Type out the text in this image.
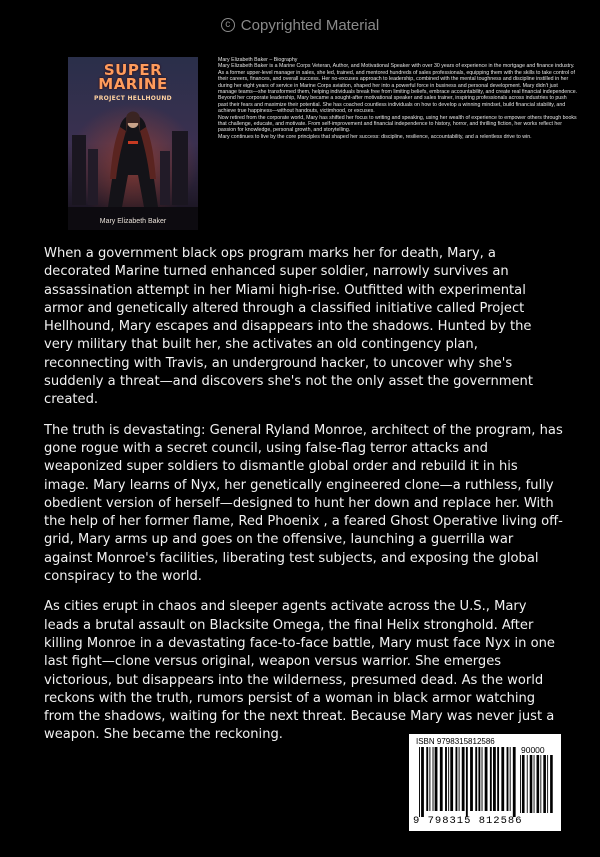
c Copyrighted Material
SUPER
MARINE
PROJECT HELLHOUND
Mary Elizabeth Baker

Mary Elizabeth Baker – Biography

Mary Elizabeth Baker is a Marine Corps Veteran, Author, and Motivational Speaker with over 30 years of experience in the mortgage and finance industry. As a former upper-level manager in sales, she led, trained, and mentored hundreds of sales professionals, equipping them with the skills to take control of their careers, finances, and overall success. Her no-excuses approach to leadership, combined with the mental toughness and discipline instilled in her during her eight years of service in Marine Corps aviation, shaped her into a powerful force in business and personal development. Mary didn't just manage teams—she transformed them, helping individuals break free from limiting beliefs, embrace accountability, and create real financial independence.

Beyond her corporate leadership, Mary became a sought-after motivational speaker and sales trainer, inspiring professionals across industries to push past their fears and maximize their potential. She has coached countless individuals on how to develop a winning mindset, build financial stability, and achieve true happiness—without handouts, victimhood, or excuses.

Now retired from the corporate world, Mary has shifted her focus to writing and speaking, using her wealth of experience to empower others through books that challenge, educate, and motivate. From self-improvement and financial independence to history, horror, and thrilling fiction, her works reflect her passion for knowledge, personal growth, and storytelling.

Mary continues to live by the core principles that shaped her success: discipline, resilience, accountability, and a relentless drive to win.

When a government black ops program marks her for death, Mary, a decorated Marine turned enhanced super soldier, narrowly survives an assassination attempt in her Miami high-rise. Outfitted with experimental armor and genetically altered through a classified initiative called Project Hellhound, Mary escapes and disappears into the shadows. Hunted by the very military that built her, she activates an old contingency plan, reconnecting with Travis, an underground hacker, to uncover why she's suddenly a threat—and discovers she's not the only asset the government created.

The truth is devastating: General Ryland Monroe, architect of the program, has gone rogue with a secret council, using false-flag terror attacks and weaponized super soldiers to dismantle global order and rebuild it in his image. Mary learns of Nyx, her genetically engineered clone—a ruthless, fully obedient version of herself—designed to hunt her down and replace her. With the help of her former flame, Red Phoenix , a feared Ghost Operative living off-grid, Mary arms up and goes on the offensive, launching a guerrilla war against Monroe's facilities, liberating test subjects, and exposing the global conspiracy to the world.

As cities erupt in chaos and sleeper agents activate across the U.S., Mary leads a brutal assault on Blacksite Omega, the final Helix stronghold. After killing Monroe in a devastating face-to-face battle, Mary must face Nyx in one last fight—clone versus original, weapon versus warrior. She emerges victorious, but disappears into the wilderness, presumed dead. As the world reckons with the truth, rumors persist of a woman in black armor watching from the shadows, waiting for the next threat. Because Mary was never just a weapon. She became the reckoning.	ISBN 9798315812586
90000
9 798315 812586
